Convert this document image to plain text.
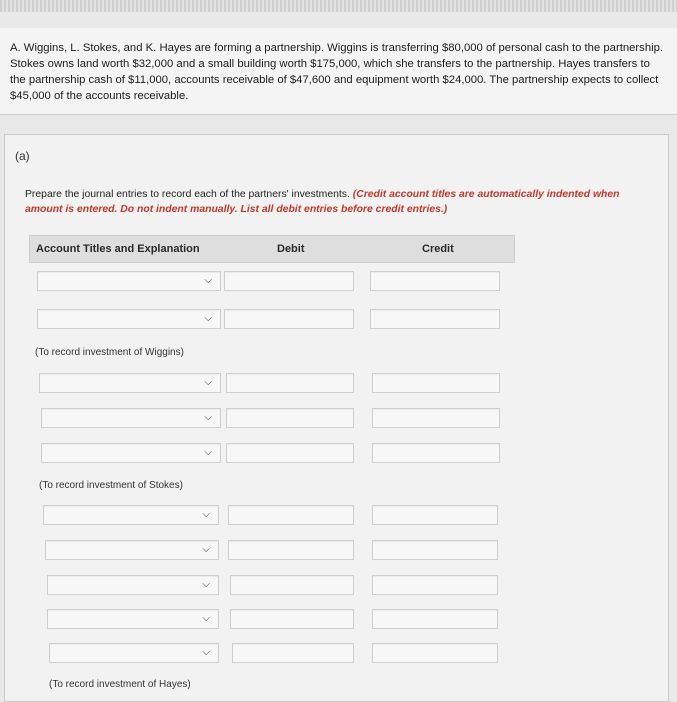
A. Wiggins, L. Stokes, and K. Hayes are forming a partnership. Wiggins is transferring $80,000 of personal cash to the partnership. Stokes owns land worth $32,000 and a small building worth $175,000, which she transfers to the partnership. Hayes transfers to the partnership cash of $11,000, accounts receivable of $47,600 and equipment worth $24,000. The partnership expects to collect $45,000 of the accounts receivable.

(a)
Prepare the journal entries to record each of the partners' investments. (Credit account titles are automatically indented when amount is entered. Do not indent manually. List all debit entries before credit entries.)
Account Titles and Explanation	Debit	Credit
⌵
⌵
(To record investment of Wiggins)
⌵
⌵
⌵
(To record investment of Stokes)
⌵
⌵
⌵
⌵
⌵
(To record investment of Hayes)
